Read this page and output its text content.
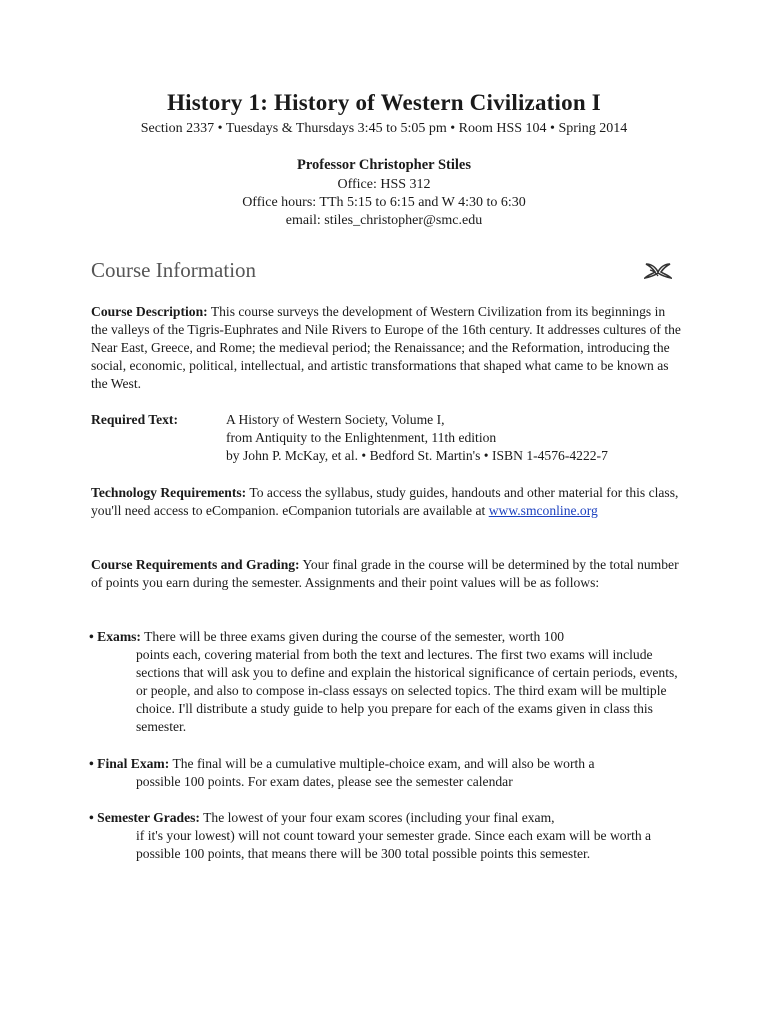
History 1: History of Western Civilization I
Section 2337 • Tuesdays & Thursdays 3:45 to 5:05 pm • Room HSS 104 • Spring 2014
Professor Christopher Stiles
Office: HSS 312
Office hours: TTh 5:15 to 6:15 and W 4:30 to 6:30
email: stiles_christopher@smc.edu
Course Information
Course Description: This course surveys the development of Western Civilization from its beginnings in the valleys of the Tigris-Euphrates and Nile Rivers to Europe of the 16th century. It addresses cultures of the Near East, Greece, and Rome; the medieval period; the Renaissance; and the Reformation, introducing the social, economic, political, intellectual, and artistic transformations that shaped what came to be known as the West.
Required Text:	A History of Western Society, Volume I,
from Antiquity to the Enlightenment, 11th edition
by John P. McKay, et al. • Bedford St. Martin's • ISBN 1-4576-4222-7
Technology Requirements: To access the syllabus, study guides, handouts and other material for this class, you'll need access to eCompanion. eCompanion tutorials are available at www.smconline.org
Course Requirements and Grading: Your final grade in the course will be determined by the total number of points you earn during the semester. Assignments and their point values will be as follows:
• Exams: There will be three exams given during the course of the semester, worth 100
points each, covering material from both the text and lectures. The first two exams will include sections that will ask you to define and explain the historical significance of certain periods, events, or people, and also to compose in-class essays on selected topics. The third exam will be multiple choice. I'll distribute a study guide to help you prepare for each of the exams given in class this semester.
• Final Exam: The final will be a cumulative multiple-choice exam, and will also be worth a
possible 100 points. For exam dates, please see the semester calendar
• Semester Grades: The lowest of your four exam scores (including your final exam,
if it's your lowest) will not count toward your semester grade. Since each exam will be worth a possible 100 points, that means there will be 300 total possible points this semester.
